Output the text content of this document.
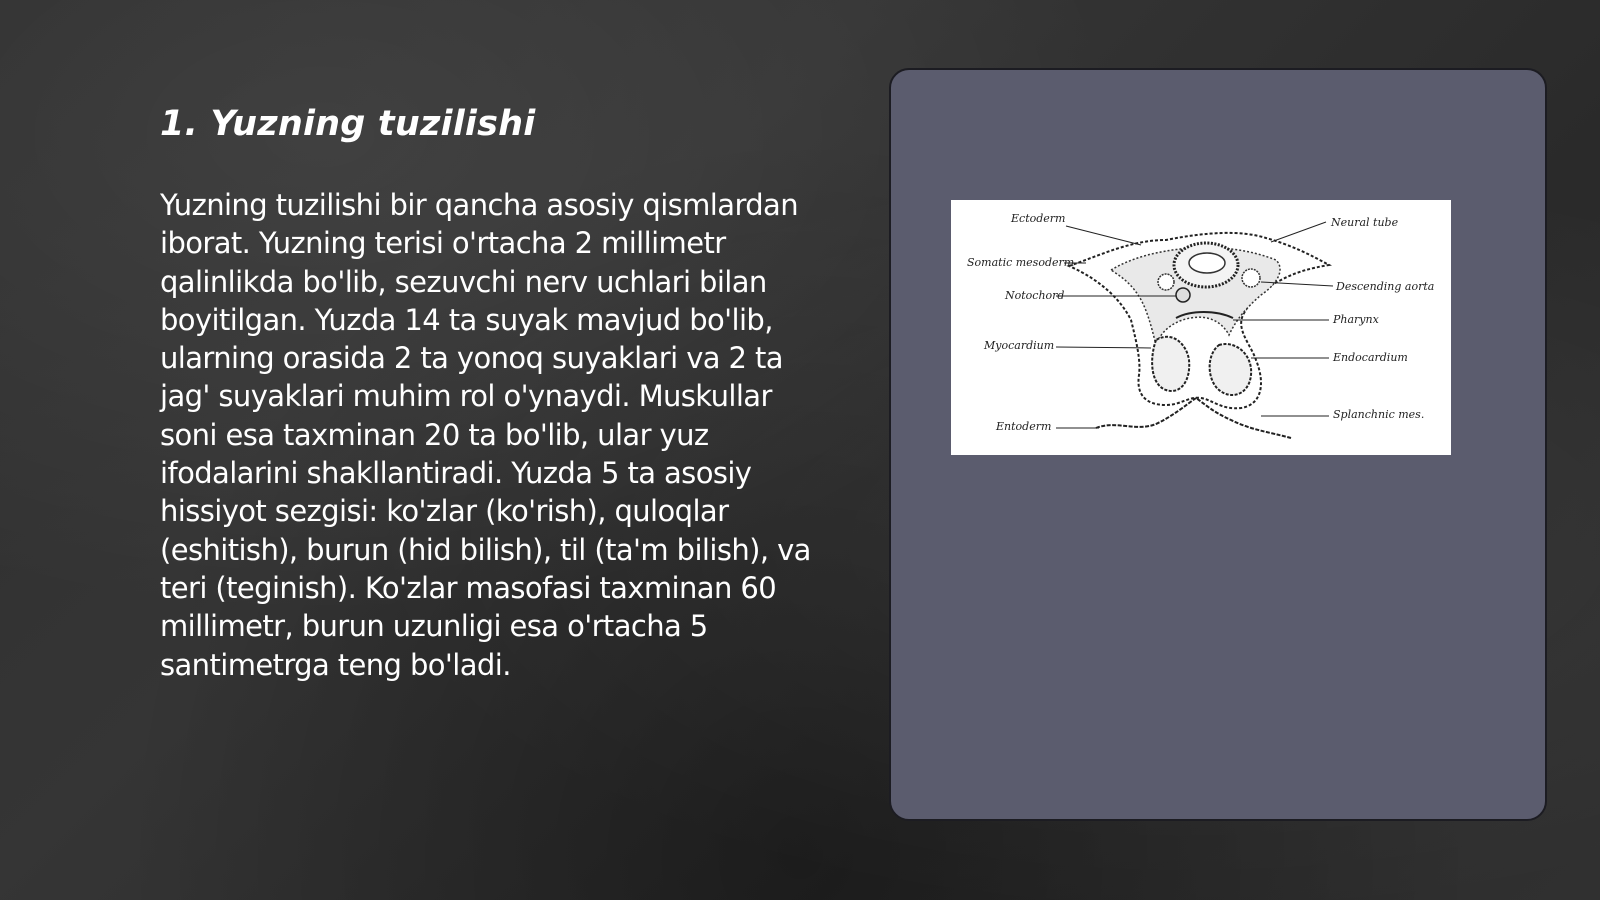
1. Yuzning tuzilishi

Yuzning tuzilishi bir qancha asosiy qismlardan iborat. Yuzning terisi o'rtacha 2 millimetr qalinlikda bo'lib, sezuvchi nerv uchlari bilan boyitilgan. Yuzda 14 ta suyak mavjud bo'lib, ularning orasida 2 ta yonoq suyaklari va 2 ta jag' suyaklari muhim rol o'ynaydi. Muskullar soni esa taxminan 20 ta bo'lib, ular yuz ifodalarini shakllantiradi. Yuzda 5 ta asosiy hissiyot sezgisi: ko'zlar (ko'rish), quloqlar (eshitish), burun (hid bilish), til (ta'm bilish), va teri (teginish). Ko'zlar masofasi taxminan 60 millimetr, burun uzunligi esa o'rtacha 5 santimetrga teng bo'ladi.

Ectoderm
Somatic mesoderm
Notochord
Myocardium
Entoderm
Neural tube
Descending aorta
Pharynx
Endocardium
Splanchnic mes.
